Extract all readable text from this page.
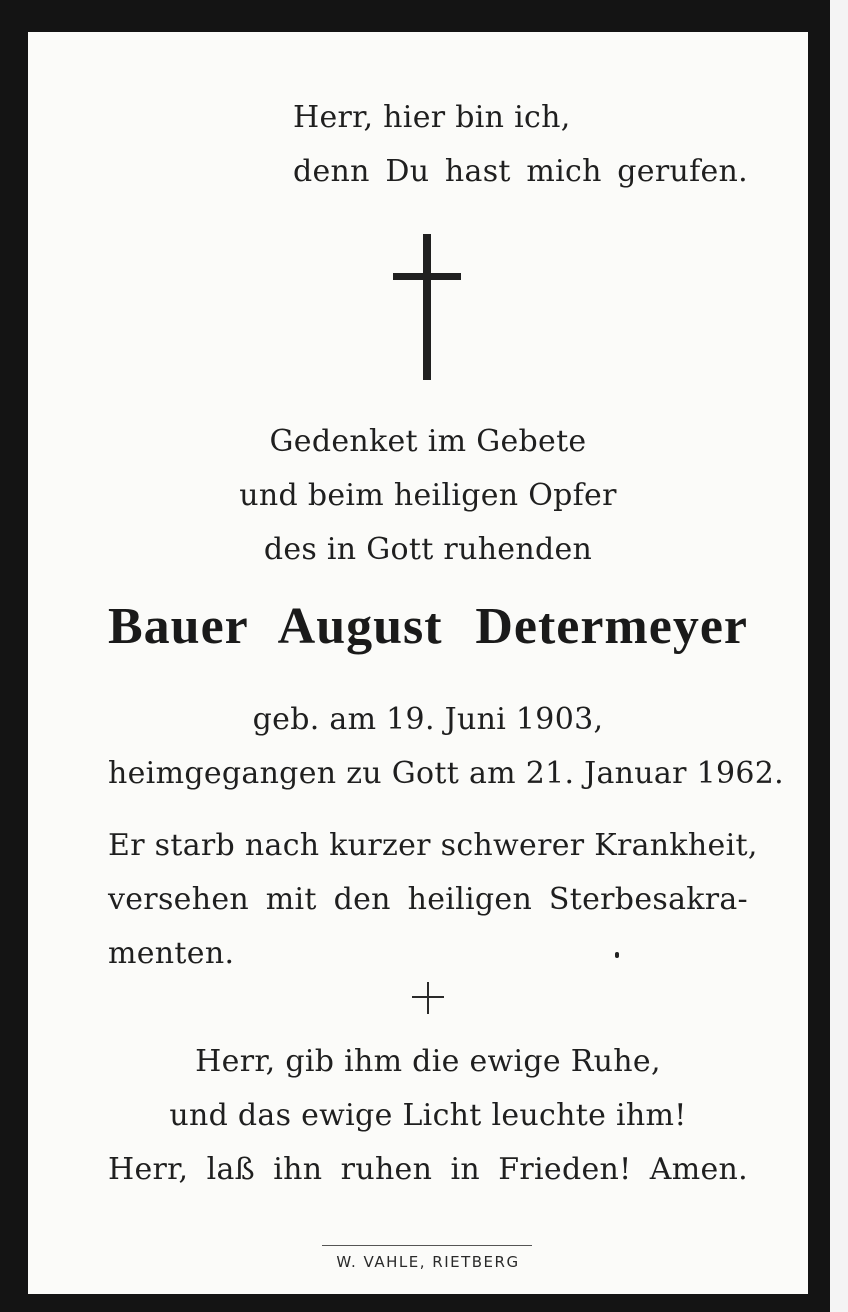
Herr, hier bin ich,
denn Du hast mich gerufen.
Gedenket im Gebete
und beim heiligen Opfer
des in Gott ruhenden
Bauer August Determeyer
geb. am 19. Juni 1903,
heimgegangen zu Gott am 21. Januar 1962.
Er starb nach kurzer schwerer Krankheit,
versehen mit den heiligen Sterbesakra-
menten.
Herr, gib ihm die ewige Ruhe,
und das ewige Licht leuchte ihm!
Herr, laß ihn ruhen in Frieden! Amen.
W. VAHLE, RIETBERG
